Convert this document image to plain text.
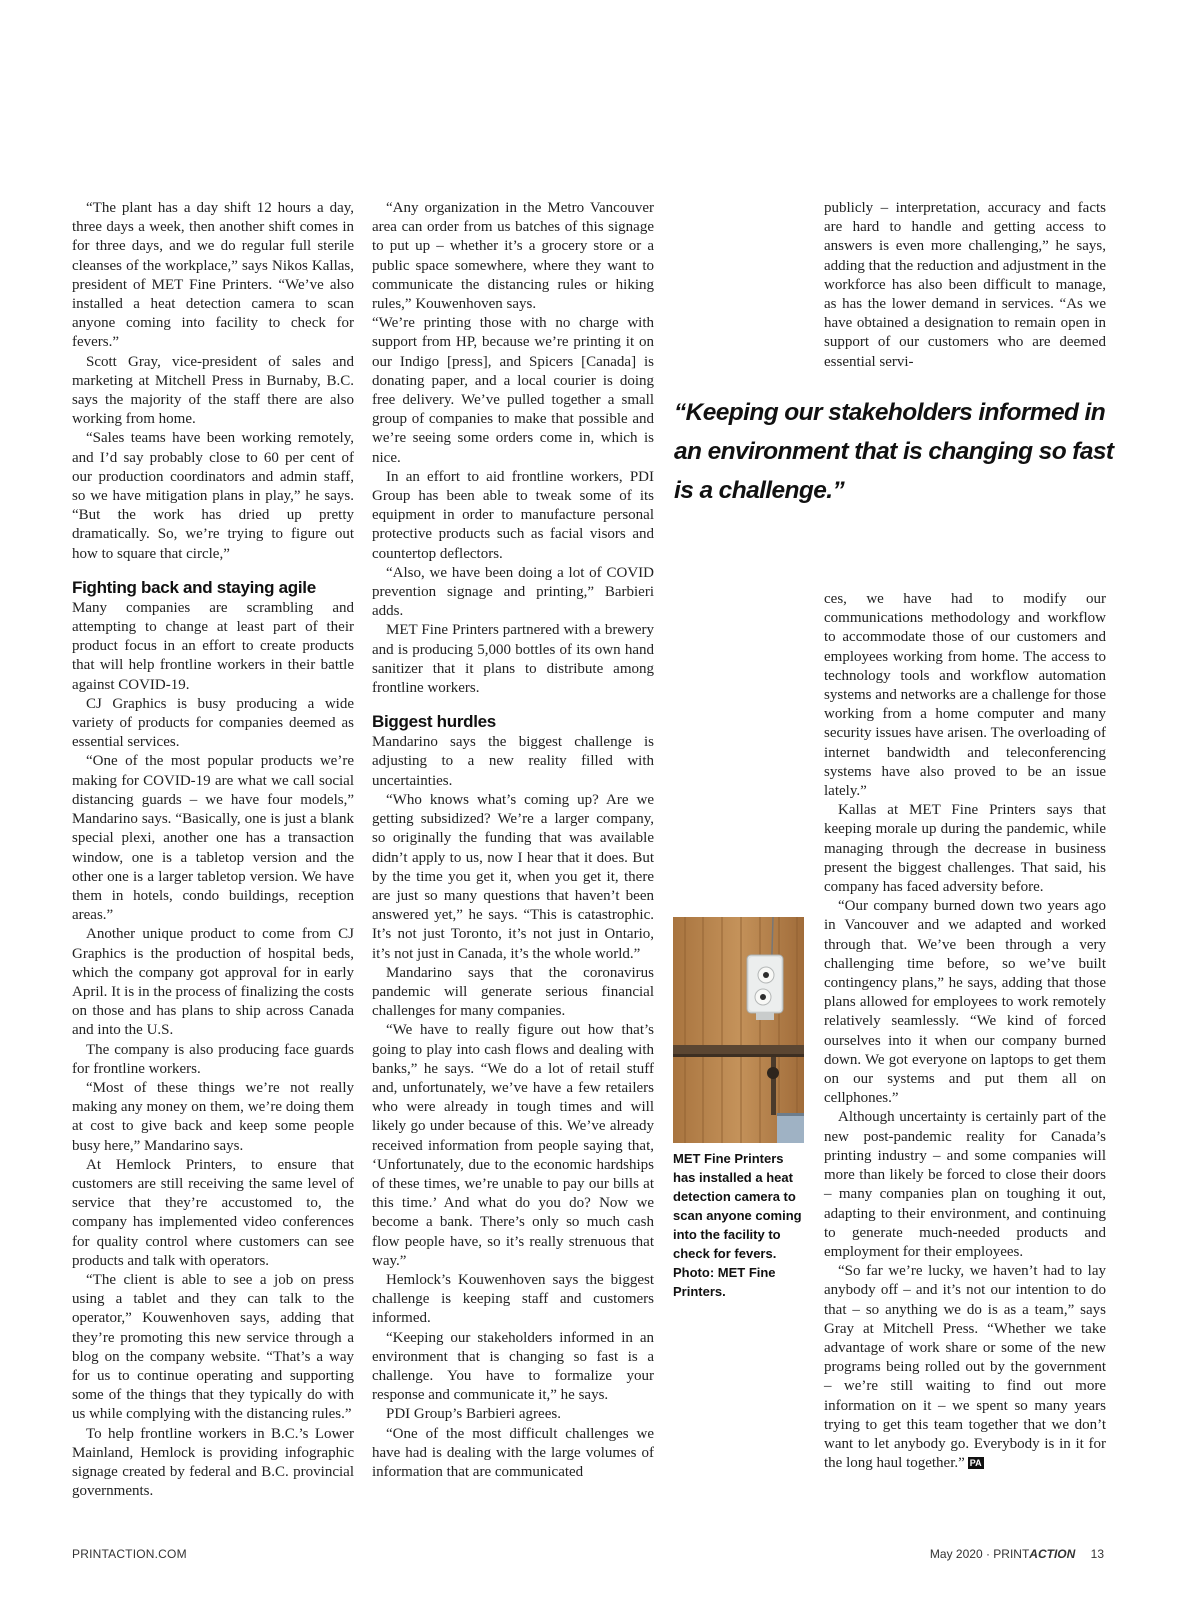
“The plant has a day shift 12 hours a day, three days a week, then another shift comes in for three days, and we do regular full sterile cleanses of the workplace,” says Nikos Kallas, president of MET Fine Printers. “We’ve also installed a heat detection camera to scan anyone coming into facility to check for fevers.”

Scott Gray, vice-president of sales and marketing at Mitchell Press in Burnaby, B.C. says the majority of the staff there are also working from home.

“Sales teams have been working remotely, and I’d say probably close to 60 per cent of our production coordinators and admin staff, so we have mitigation plans in play,” he says. “But the work has dried up pretty dramatically. So, we’re trying to figure out how to square that circle,”

Fighting back and staying agile

Many companies are scrambling and attempting to change at least part of their product focus in an effort to create products that will help frontline workers in their battle against COVID-19.

CJ Graphics is busy producing a wide variety of products for companies deemed as essential services.

“One of the most popular products we’re making for COVID-19 are what we call social distancing guards – we have four models,” Mandarino says. “Basically, one is just a blank special plexi, another one has a transaction window, one is a tabletop version and the other one is a larger tabletop version. We have them in hotels, condo buildings, reception areas.”

Another unique product to come from CJ Graphics is the production of hospital beds, which the company got approval for in early April. It is in the process of finalizing the costs on those and has plans to ship across Canada and into the U.S.

The company is also producing face guards for frontline workers.

“Most of these things we’re not really making any money on them, we’re doing them at cost to give back and keep some people busy here,” Mandarino says.

At Hemlock Printers, to ensure that customers are still receiving the same level of service that they’re accustomed to, the company has implemented video conferences for quality control where customers can see products and talk with operators.

“The client is able to see a job on press using a tablet and they can talk to the operator,” Kouwenhoven says, adding that they’re promoting this new service through a blog on the company website. “That’s a way for us to continue operating and supporting some of the things that they typically do with us while complying with the distancing rules.”

To help frontline workers in B.C.’s Lower Mainland, Hemlock is providing infographic signage created by federal and B.C. provincial governments.

“Any organization in the Metro Vancouver area can order from us batches of this signage to put up – whether it’s a grocery store or a public space somewhere, where they want to communicate the distancing rules or hiking rules,” Kouwenhoven says.

“We’re printing those with no charge with support from HP, because we’re printing it on our Indigo [press], and Spicers [Canada] is donating paper, and a local courier is doing free delivery. We’ve pulled together a small group of companies to make that possible and we’re seeing some orders come in, which is nice.

In an effort to aid frontline workers, PDI Group has been able to tweak some of its equipment in order to manufacture personal protective products such as facial visors and countertop deflectors.

“Also, we have been doing a lot of COVID prevention signage and printing,” Barbieri adds.

MET Fine Printers partnered with a brewery and is producing 5,000 bottles of its own hand sanitizer that it plans to distribute among frontline workers.

Biggest hurdles

Mandarino says the biggest challenge is adjusting to a new reality filled with uncertainties.

“Who knows what’s coming up? Are we getting subsidized? We’re a larger company, so originally the funding that was available didn’t apply to us, now I hear that it does. But by the time you get it, when you get it, there are just so many questions that haven’t been answered yet,” he says. “This is catastrophic. It’s not just Toronto, it’s not just in Ontario, it’s not just in Canada, it’s the whole world.”

Mandarino says that the coronavirus pandemic will generate serious financial challenges for many companies.

“We have to really figure out how that’s going to play into cash flows and dealing with banks,” he says. “We do a lot of retail stuff and, unfortunately, we’ve have a few retailers who were already in tough times and will likely go under because of this. We’ve already received information from people saying that, ‘Unfortunately, due to the economic hardships of these times, we’re unable to pay our bills at this time.’ And what do you do? Now we become a bank. There’s only so much cash flow people have, so it’s really strenuous that way.”

Hemlock’s Kouwenhoven says the biggest challenge is keeping staff and customers informed.

“Keeping our stakeholders informed in an environment that is changing so fast is a challenge. You have to formalize your response and communicate it,” he says.

PDI Group’s Barbieri agrees.

“One of the most difficult challenges we have had is dealing with the large volumes of information that are communicated

publicly – interpretation, accuracy and facts are hard to handle and getting access to answers is even more challenging,” he says, adding that the reduction and adjustment in the workforce has also been difficult to manage, as has the lower demand in services. “As we have obtained a designation to remain open in support of our customers who are deemed essential servi-

“Keeping our stakeholders informed in an environment that is changing so fast is a challenge.”

ces, we have had to modify our communications methodology and workflow to accommodate those of our customers and employees working from home. The access to technology tools and workflow automation systems and networks are a challenge for those working from a home computer and many security issues have arisen. The overloading of internet bandwidth and teleconferencing systems have also proved to be an issue lately.”

Kallas at MET Fine Printers says that keeping morale up during the pandemic, while managing through the decrease in business present the biggest challenges. That said, his company has faced adversity before.

“Our company burned down two years ago in Vancouver and we adapted and worked through that. We’ve been through a very challenging time before, so we’ve built contingency plans,” he says, adding that those plans allowed for employees to work remotely relatively seamlessly. “We kind of forced ourselves into it when our company burned down. We got everyone on laptops to get them on our systems and put them all on cellphones.”

Although uncertainty is certainly part of the new post-pandemic reality for Canada’s printing industry – and some companies will more than likely be forced to close their doors – many companies plan on toughing it out, adapting to their environment, and continuing to generate much-needed products and employment for their employees.

“So far we’re lucky, we haven’t had to lay anybody off – and it’s not our intention to do that – so anything we do is as a team,” says Gray at Mitchell Press. “Whether we take advantage of work share or some of the new programs being rolled out by the government – we’re still waiting to find out more information on it – we spent so many years trying to get this team together that we don’t want to let anybody go. Everybody is in it for the long haul together.” PA

MET Fine Printers has installed a heat detection camera to scan anyone coming into the facility to check for fevers. Photo: MET Fine Printers.
PRINTACTION.COM	May 2020 · PRINTACTION 13
